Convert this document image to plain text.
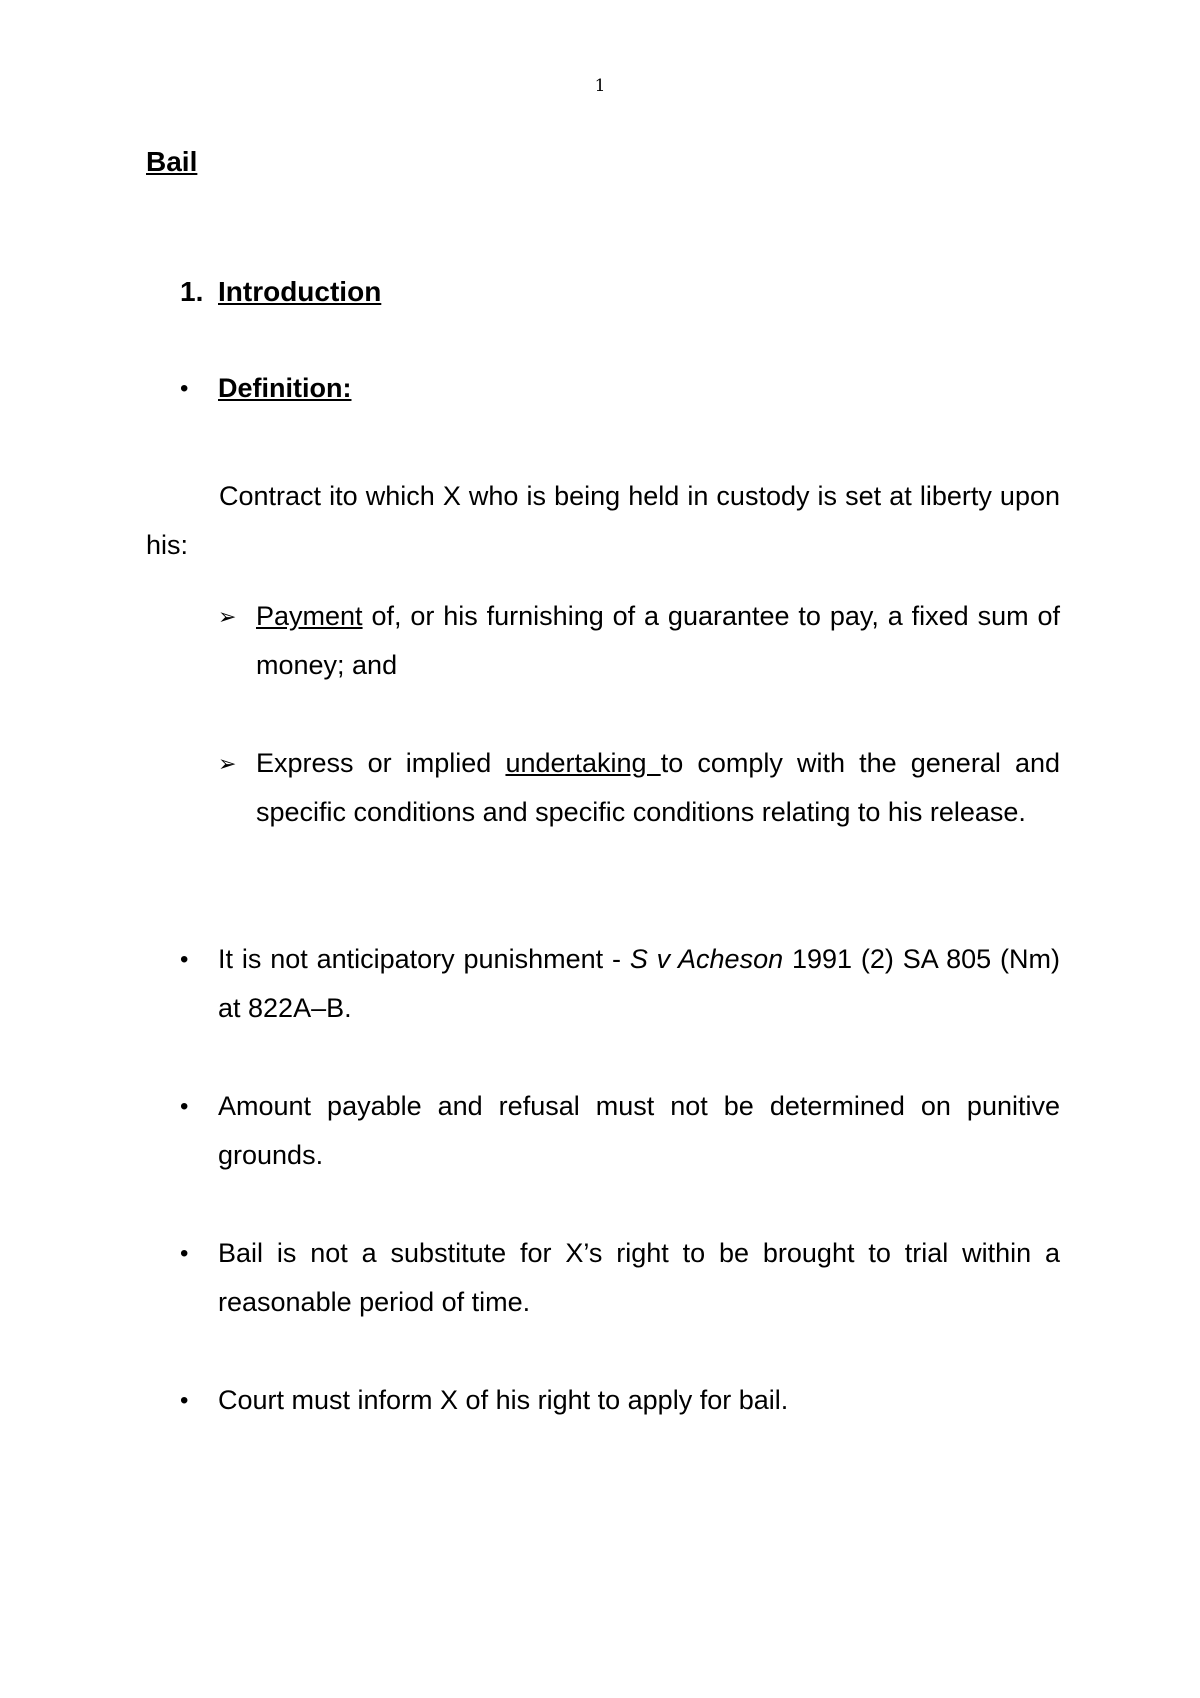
1
Bail
1. Introduction
• Definition:
Contract ito which X who is being held in custody is set at liberty upon his:
➢ Payment of, or his furnishing of a guarantee to pay, a fixed sum of money; and
➢ Express or implied undertaking to comply with the general and specific conditions and specific conditions relating to his release.
• It is not anticipatory punishment - S v Acheson 1991 (2) SA 805 (Nm) at 822A–B.
• Amount payable and refusal must not be determined on punitive grounds.
• Bail is not a substitute for X’s right to be brought to trial within a reasonable period of time.
• Court must inform X of his right to apply for bail.
